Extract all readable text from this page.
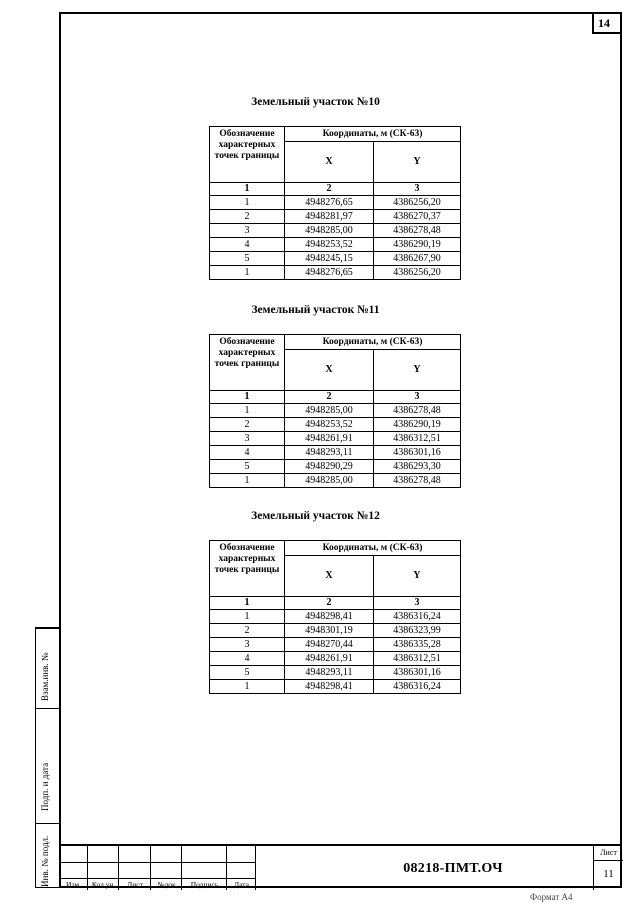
14
Взам.инв. №
Подп. и дата
Инв. № подл.
Земельный участок №10
Обозначение характерных точек границы	Координаты, м (СК-63)	
	X	Y
1	2	3
1	4948276,65	4386256,20
2	4948281,97	4386270,37
3	4948285,00	4386278,48
4	4948253,52	4386290,19
5	4948245,15	4386267,90
1	4948276,65	4386256,20
Земельный участок №11
Обозначение характерных точек границы	Координаты, м (СК-63)	
	X	Y
1	2	3
1	4948285,00	4386278,48
2	4948253,52	4386290,19
3	4948261,91	4386312,51
4	4948293,11	4386301,16
5	4948290,29	4386293,30
1	4948285,00	4386278,48
Земельный участок №12
Обозначение характерных точек границы	Координаты, м (СК-63)	
	X	Y
1	2	3
1	4948298,41	4386316,24
2	4948301,19	4386323,99
3	4948270,44	4386335,28
4	4948261,91	4386312,51
5	4948293,11	4386301,16
1	4948298,41	4386316,24
Изм.	Кол.уч.	Лист	№док	Подпись	Дата
08218-ПМТ.ОЧ
Лист
11
Формат А4
